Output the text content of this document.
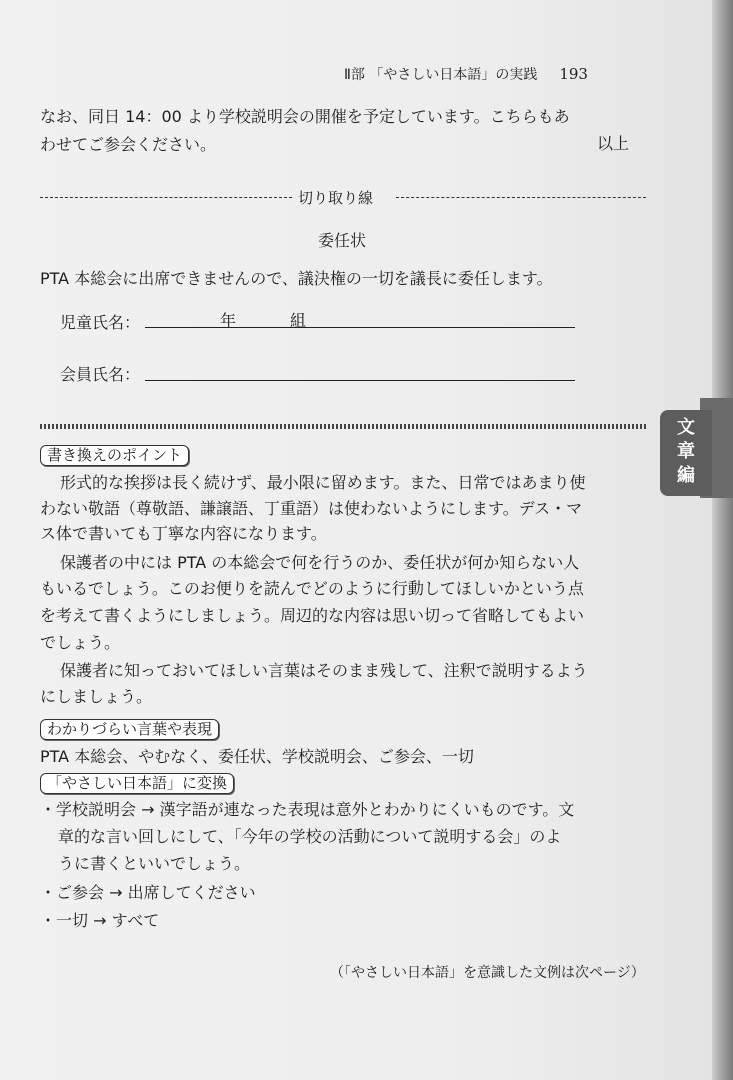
Ⅱ部 「やさしい日本語」の実践 193
なお、同日 14：00 より学校説明会の開催を予定しています。こちらもあ
わせてご参会ください。	以上
切り取り線
委任状
PTA 本総会に出席できませんので、議決権の一切を議長に委任します。
児童氏名：	年	組
会員氏名：
書き換えのポイント
形式的な挨拶は長く続けず、最小限に留めます。また、日常ではあまり使
わない敬語（尊敬語、謙譲語、丁重語）は使わないようにします。デス・マ
ス体で書いても丁寧な内容になります。
保護者の中には PTA の本総会で何を行うのか、委任状が何か知らない人
もいるでしょう。このお便りを読んでどのように行動してほしいかという点
を考えて書くようにしましょう。周辺的な内容は思い切って省略してもよい
でしょう。
保護者に知っておいてほしい言葉はそのまま残して、注釈で説明するよう
にしましょう。
わかりづらい言葉や表現
PTA 本総会、やむなく、委任状、学校説明会、ご参会、一切
「やさしい日本語」に変換
・学校説明会 → 漢字語が連なった表現は意外とわかりにくいものです。文
章的な言い回しにして、「今年の学校の活動について説明する会」のよ
うに書くといいでしょう。
・ご参会 → 出席してください
・一切 → すべて
（「やさしい日本語」を意識した文例は次ページ）
文
章
編
